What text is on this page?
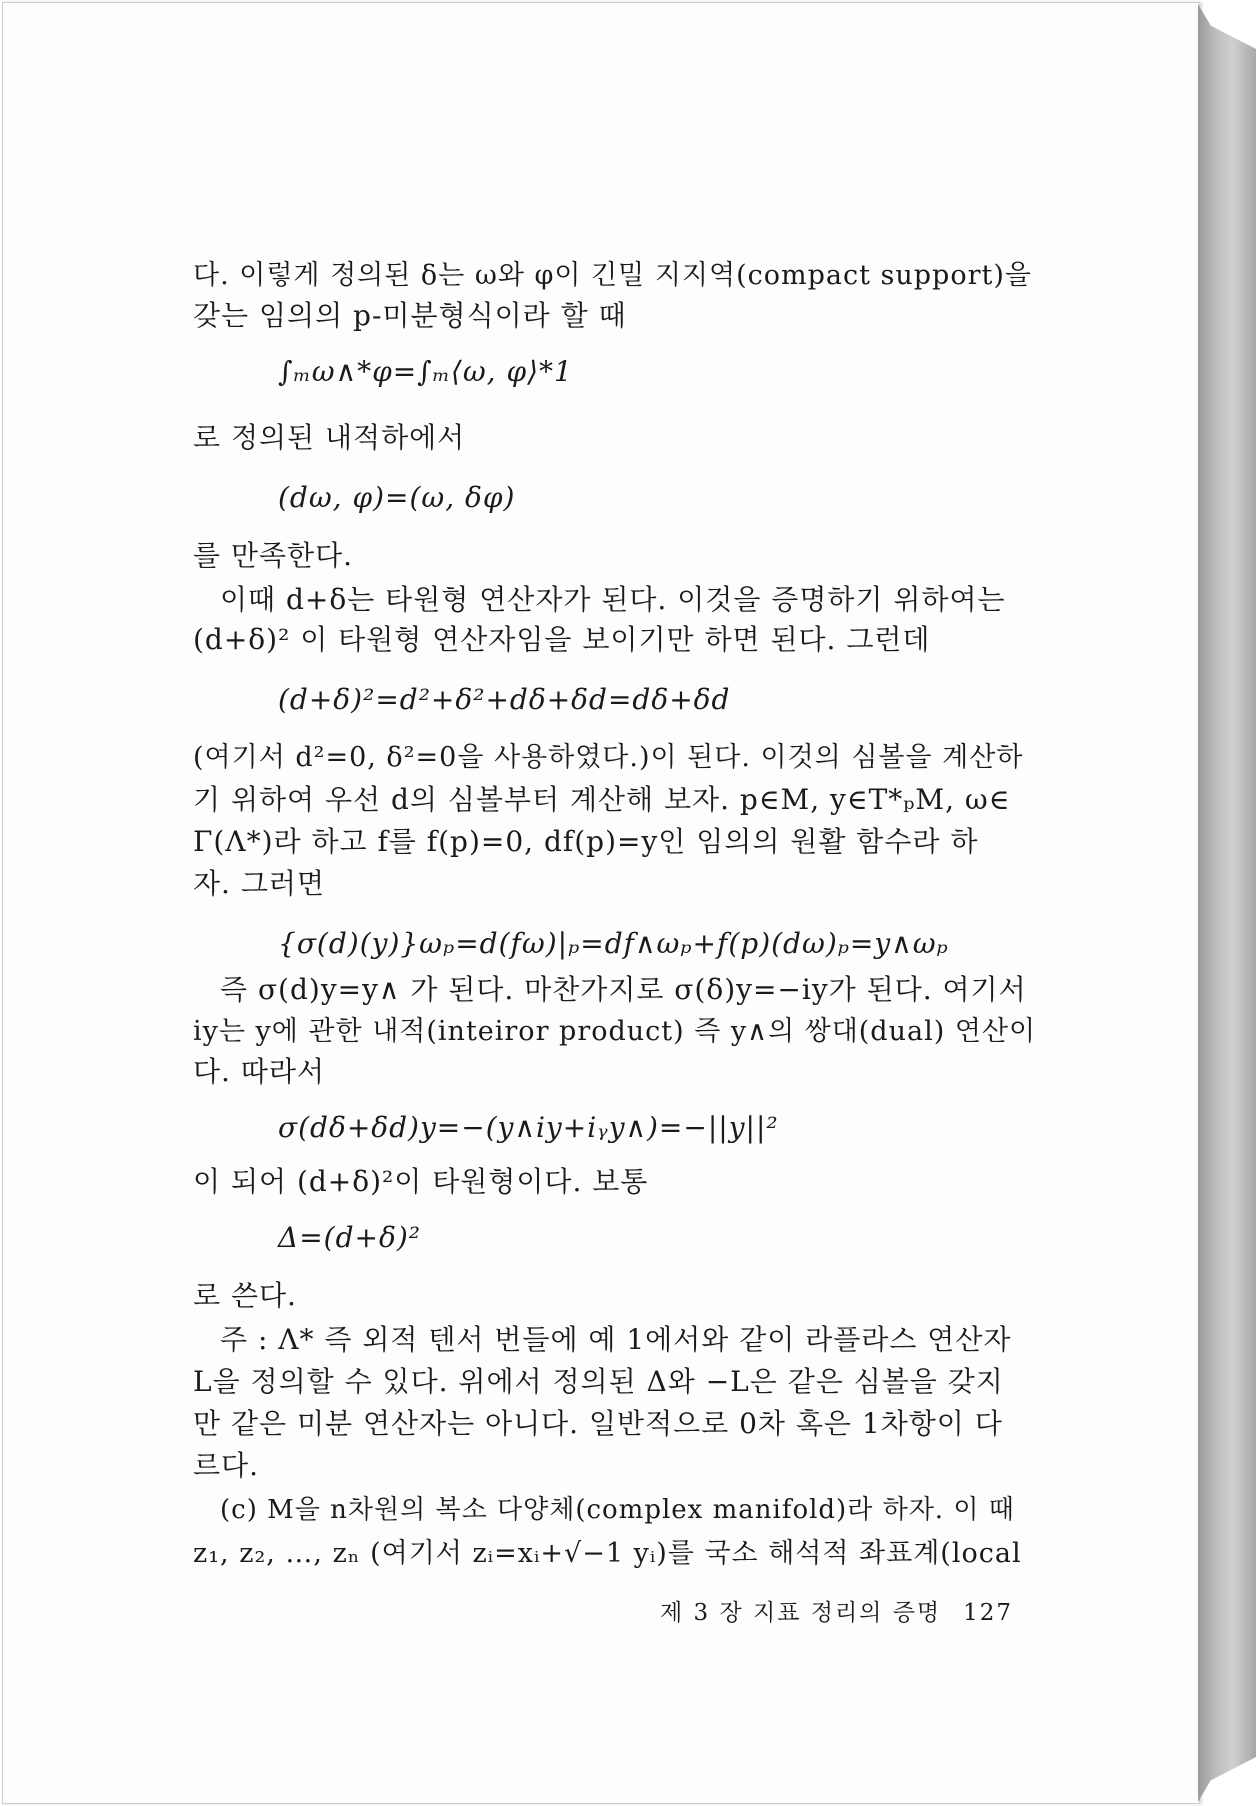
다. 이렇게 정의된 δ는 ω와 φ이 긴밀 지지역(compact support)을
갖는 임의의 p-미분형식이라 할 때
∫ₘω∧*φ=∫ₘ⟨ω, φ⟩*1
로 정의된 내적하에서
(dω, φ)=(ω, δφ)
를 만족한다.
이때 d+δ는 타원형 연산자가 된다. 이것을 증명하기 위하여는
(d+δ)² 이 타원형 연산자임을 보이기만 하면 된다. 그런데
(d+δ)²=d²+δ²+dδ+δd=dδ+δd
(여기서 d²=0, δ²=0을 사용하였다.)이 된다. 이것의 심볼을 계산하
기 위하여 우선 d의 심볼부터 계산해 보자. p∈M, y∈T*ₚM, ω∈
Γ(Λ*)라 하고 f를 f(p)=0, df(p)=y인 임의의 원활 함수라 하
자. 그러면
{σ(d)(y)}ωₚ=d(fω)|ₚ=df∧ωₚ+f(p)(dω)ₚ=y∧ωₚ
즉 σ(d)y=y∧ 가 된다. 마찬가지로 σ(δ)y=−iy가 된다. 여기서
iy는 y에 관한 내적(inteiror product) 즉 y∧의 쌍대(dual) 연산이
다. 따라서
σ(dδ+δd)y=−(y∧iy+iᵧy∧)=−||y||²
이 되어 (d+δ)²이 타원형이다. 보통
Δ=(d+δ)²
로 쓴다.
주 : Λ* 즉 외적 텐서 번들에 예 1에서와 같이 라플라스 연산자
L을 정의할 수 있다. 위에서 정의된 Δ와 −L은 같은 심볼을 갖지
만 같은 미분 연산자는 아니다. 일반적으로 0차 혹은 1차항이 다
르다.
(c) M을 n차원의 복소 다양체(complex manifold)라 하자. 이 때
z₁, z₂, …, zₙ (여기서 zᵢ=xᵢ+√−1 yᵢ)를 국소 해석적 좌표계(local
제 3 장 지표 정리의 증명 127
